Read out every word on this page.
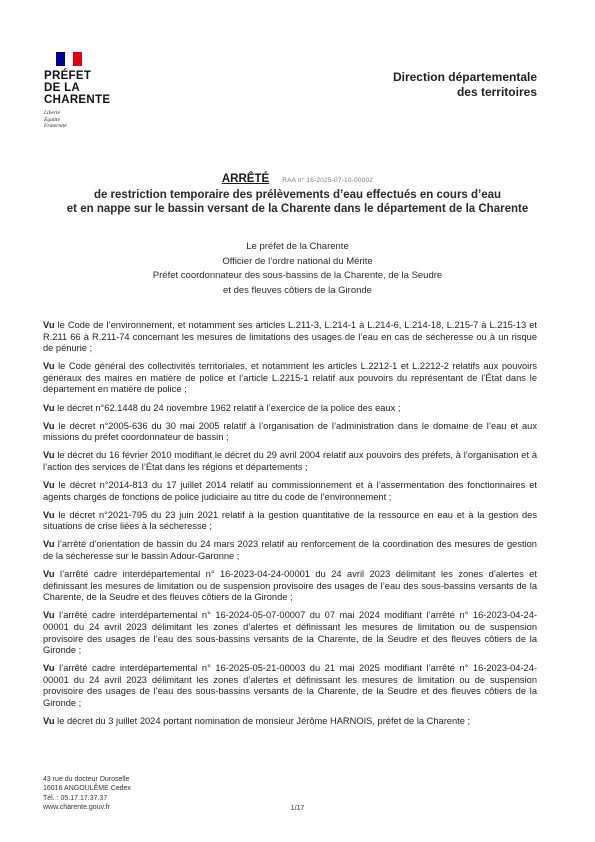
PRÉFET
DE LA
CHARENTE
Liberté
Égalité
Fraternité
Direction départementale
des territoires
ARRÊTÉ RAA n° 16-2025-07-10-00002
de restriction temporaire des prélèvements d’eau effectués en cours d’eau
et en nappe sur le bassin versant de la Charente dans le département de la Charente
Le préfet de la Charente
Officier de l’ordre national du Mérite
Préfet coordonnateur des sous-bassins de la Charente, de la Seudre
et des fleuves côtiers de la Gironde

Vu le Code de l’environnement, et notamment ses articles L.211-3, L.214-1 à L.214-6, L.214-18, L.215-7 à L.215-13 et R.211 66 à R.211-74 concernant les mesures de limitations des usages de l’eau en cas de sécheresse ou à un risque de pénurie ;

Vu le Code général des collectivités territoriales, et notamment les articles L.2212-1 et L.2212-2 relatifs aux pouvoirs généraux des maires en matière de police et l’article L.2215-1 relatif aux pouvoirs du représentant de l’État dans le département en matière de police ;

Vu le décret n°62.1448 du 24 novembre 1962 relatif à l’exercice de la police des eaux ;

Vu le décret n°2005-636 du 30 mai 2005 relatif à l’organisation de l’administration dans le domaine de l’eau et aux missions du préfet coordonnateur de bassin ;

Vu le décret du 16 février 2010 modifiant le décret du 29 avril 2004 relatif aux pouvoirs des préfets, à l’organisation et à l’action des services de l’État dans les régions et départements ;

Vu le décret n°2014-813 du 17 juillet 2014 relatif au commissionnement et à l’assermentation des fonctionnaires et agents chargés de fonctions de police judiciaire au titre du code de l’environnement ;

Vu le décret n°2021-795 du 23 juin 2021 relatif à la gestion quantitative de la ressource en eau et à la gestion des situations de crise liées à la sécheresse ;

Vu l’arrêté d’orientation de bassin du 24 mars 2023 relatif au renforcement de la coordination des mesures de gestion de la sécheresse sur le bassin Adour-Garonne ;

Vu l’arrêté cadre interdépartemental n° 16-2023-04-24-00001 du 24 avril 2023 délimitant les zones d’alertes et définissant les mesures de limitation ou de suspension provisoire des usages de l’eau des sous-bassins versants de la Charente, de la Seudre et des fleuves côtiers de la Gironde ;

Vu l’arrêté cadre interdépartemental n° 16-2024-05-07-00007 du 07 mai 2024 modifiant l’arrêté n° 16-2023-04-24-00001 du 24 avril 2023 délimitant les zones d’alertes et définissant les mesures de limitation ou de suspension provisoire des usages de l’eau des sous-bassins versants de la Charente, de la Seudre et des fleuves côtiers de la Gironde ;

Vu l’arrêté cadre interdépartemental n° 16-2025-05-21-00003 du 21 mai 2025 modifiant l’arrêté n° 16-2023-04-24-00001 du 24 avril 2023 délimitant les zones d’alertes et définissant les mesures de limitation ou de suspension provisoire des usages de l’eau des sous-bassins versants de la Charente, de la Seudre et des fleuves côtiers de la Gironde ;

Vu le décret du 3 juillet 2024 portant nomination de monsieur Jérôme HARNOIS, préfet de la Charente ;

43 rue du docteur Duroselle
16016 ANGOULÊME Cedex
Tél. : 05.17.17.37.37
www.charente.gouv.fr	1/17
